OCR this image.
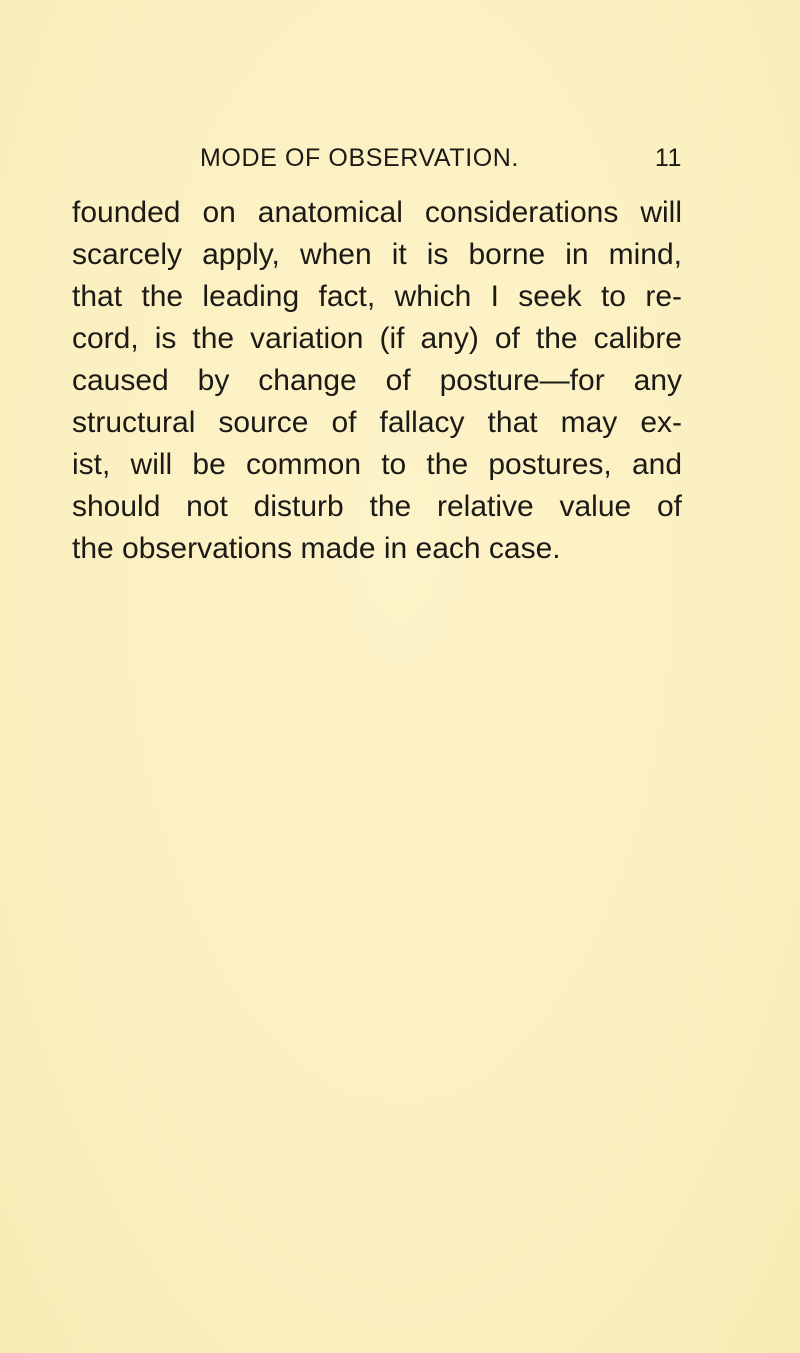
MODE OF OBSERVATION.	11
founded on anatomical considerations will
scarcely apply, when it is borne in mind,
that the leading fact, which I seek to re-
cord, is the variation (if any) of the calibre
caused by change of posture—for any
structural source of fallacy that may ex-
ist, will be common to the postures, and
should not disturb the relative value of
the observations made in each case.
